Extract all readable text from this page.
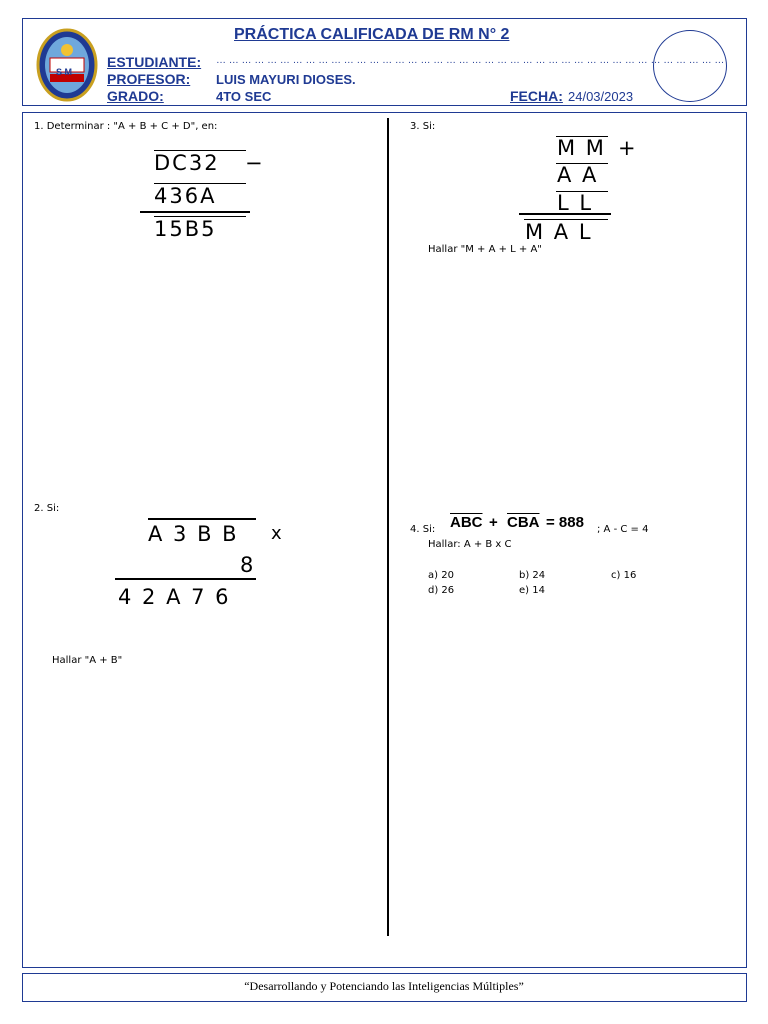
S M
PRÁCTICA CALIFICADA DE RM N° 2
ESTUDIANTE: … … … … … … … … … … … … … … … … … … … … … … … … … … … … … … … … … … … … … … … …
PROFESOR: LUIS MAYURI DIOSES.
GRADO:	4TO SEC	FECHA: 24/03/2023
1. Determinar : "A + B + C + D", en:
DC32 −
436A
15B5
3. Si:
M M +
A A
L L
M A L
Hallar "M + A + L + A"
2. Si:
A 3 B B x
8
4 2 A 7 6
Hallar "A + B"
4. Si: $\overline{ABC} + \overline{CBA} = 888$ ; A - C = 4
Hallar: A + B x C
a) 20	b) 24	c) 16
d) 26	e) 14
“Desarrollando y Potenciando las Inteligencias Múltiples”
